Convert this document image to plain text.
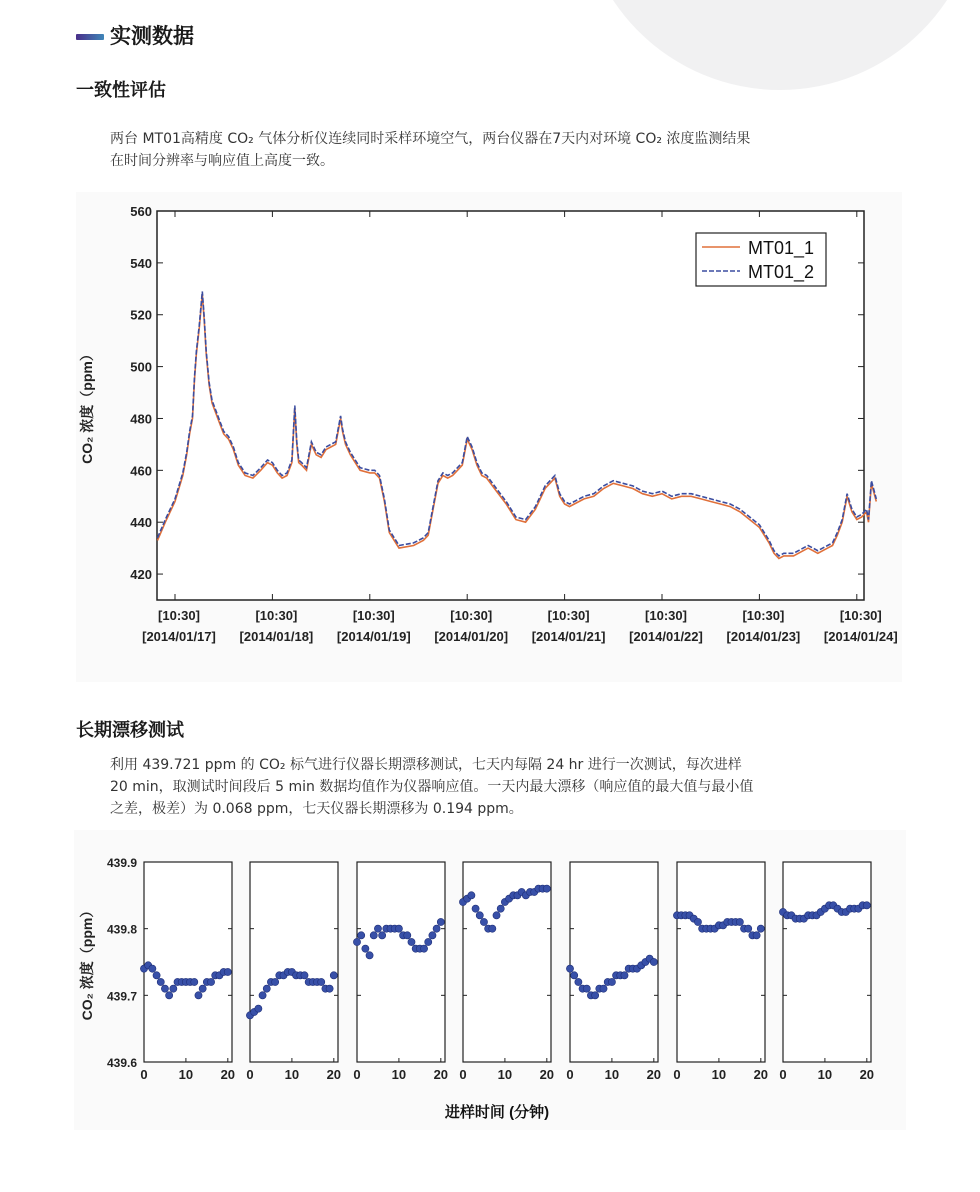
实测数据
一致性评估
两台 MT01高精度 CO₂ 气体分析仪连续同时采样环境空气，两台仪器在7天内对环境 CO₂ 浓度监测结果
在时间分辨率与响应值上高度一致。
420
440
460
480
500
520
540
560
[10:30]
[2014/01/17]
[10:30]
[2014/01/18]
[10:30]
[2014/01/19]
[10:30]
[2014/01/20]
[10:30]
[2014/01/21]
[10:30]
[2014/01/22]
[10:30]
[2014/01/23]
[10:30]
[2014/01/24]
CO₂ 浓度（ppm）
MT01_1
MT01_2
长期漂移测试
利用 439.721 ppm 的 CO₂ 标气进行仪器长期漂移测试，七天内每隔 24 hr 进行一次测试，每次进样
20 min，取测试时间段后 5 min 数据均值作为仪器响应值。一天内最大漂移（响应值的最大值与最小值
之差，极差）为 0.068 ppm，七天仪器长期漂移为 0.194 ppm。
439.6
439.7
439.8
439.9
CO₂ 浓度（ppm）
0 10 20 0 10 20 0 10 20 0 10 20 0 10 20 0 10 20 0 10 20
进样时间 (分钟)
